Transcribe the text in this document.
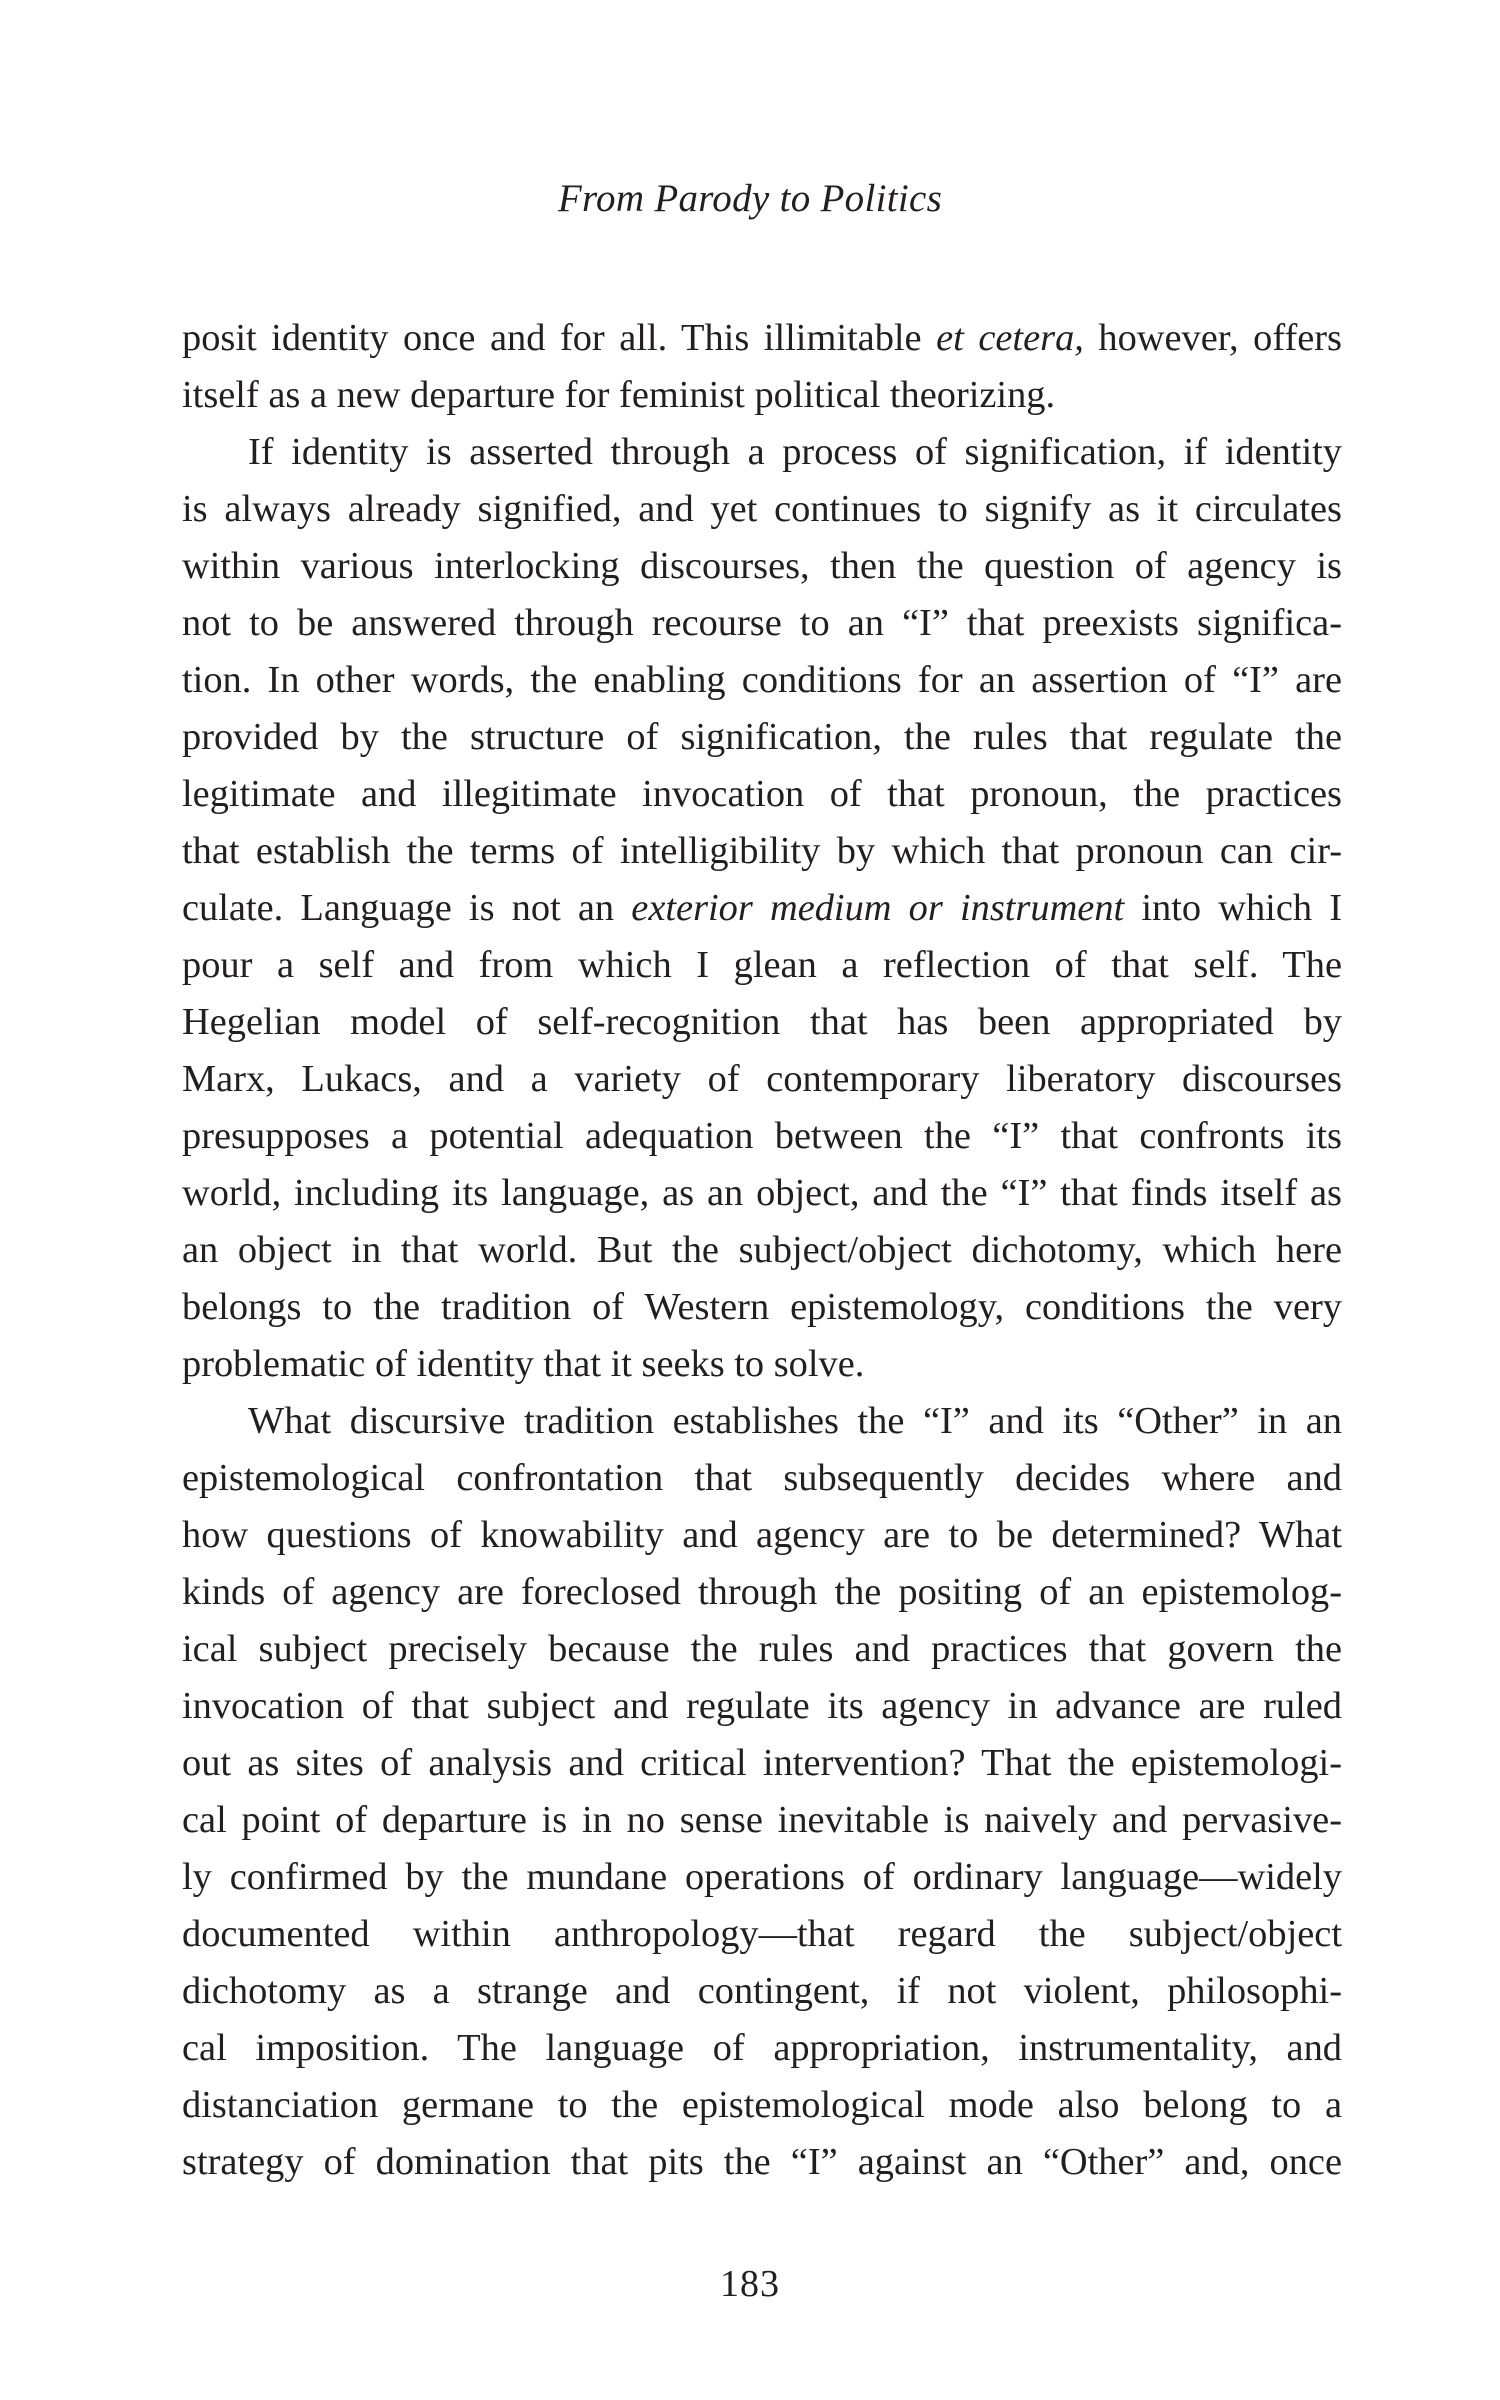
From Parody to Politics
posit identity once and for all. This illimitable et cetera, however, offers
itself as a new departure for feminist political theorizing.
If identity is asserted through a process of signification, if identity
is always already signified, and yet continues to signify as it circulates
within various interlocking discourses, then the question of agency is
not to be answered through recourse to an “I” that preexists significa-
tion. In other words, the enabling conditions for an assertion of “I” are
provided by the structure of signification, the rules that regulate the
legitimate and illegitimate invocation of that pronoun, the practices
that establish the terms of intelligibility by which that pronoun can cir-
culate. Language is not an exterior medium or instrument into which I
pour a self and from which I glean a reflection of that self. The
Hegelian model of self-recognition that has been appropriated by
Marx, Lukacs, and a variety of contemporary liberatory discourses
presupposes a potential adequation between the “I” that confronts its
world, including its language, as an object, and the “I” that finds itself as
an object in that world. But the subject/object dichotomy, which here
belongs to the tradition of Western epistemology, conditions the very
problematic of identity that it seeks to solve.
What discursive tradition establishes the “I” and its “Other” in an
epistemological confrontation that subsequently decides where and
how questions of knowability and agency are to be determined? What
kinds of agency are foreclosed through the positing of an epistemolog-
ical subject precisely because the rules and practices that govern the
invocation of that subject and regulate its agency in advance are ruled
out as sites of analysis and critical intervention? That the epistemologi-
cal point of departure is in no sense inevitable is naively and pervasive-
ly confirmed by the mundane operations of ordinary language—widely
documented within anthropology—that regard the subject/object
dichotomy as a strange and contingent, if not violent, philosophi-
cal imposition. The language of appropriation, instrumentality, and
distanciation germane to the epistemological mode also belong to a
strategy of domination that pits the “I” against an “Other” and, once
183
